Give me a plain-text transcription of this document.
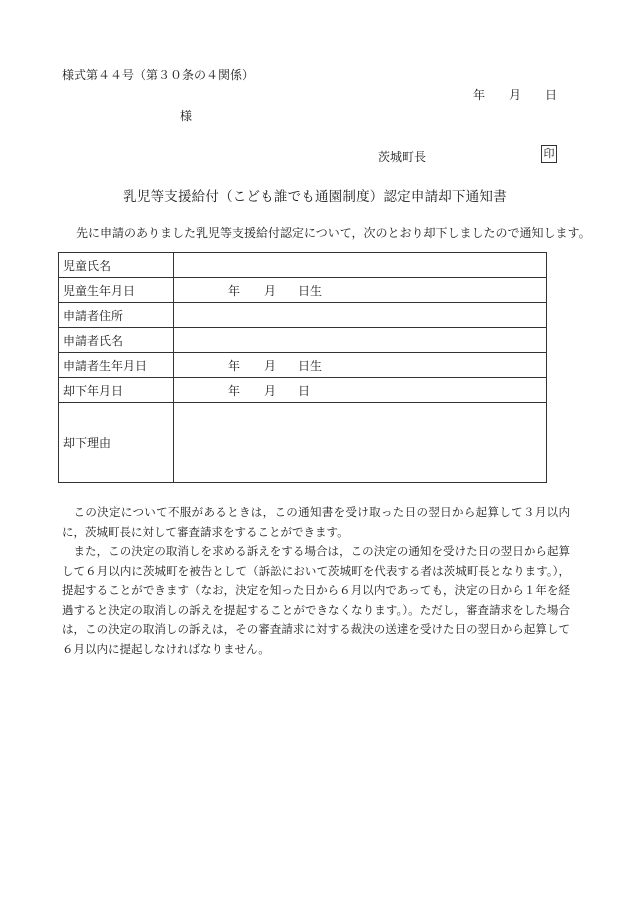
様式第４４号（第３０条の４関係）
年 月 日
様
茨城町長	印
乳児等支援給付（こども誰でも通園制度）認定申請却下通知書
先に申請のありました乳児等支援給付認定について，次のとおり却下しましたので通知します。
児童氏名	
児童生年月日	年 月 日生
申請者住所	
申請者氏名	
申請者生年月日	年 月 日生
却下年月日	年 月 日
却下理由	

この決定について不服があるときは，この通知書を受け取った日の翌日から起算して３月以内に，茨城町長に対して審査請求をすることができます。

また，この決定の取消しを求める訴えをする場合は，この決定の通知を受けた日の翌日から起算して６月以内に茨城町を被告として（訴訟において茨城町を代表する者は茨城町長となります。），提起することができます（なお，決定を知った日から６月以内であっても，決定の日から１年を経過すると決定の取消しの訴えを提起することができなくなります。）。ただし，審査請求をした場合は，この決定の取消しの訴えは，その審査請求に対する裁決の送達を受けた日の翌日から起算して６月以内に提起しなければなりません。
